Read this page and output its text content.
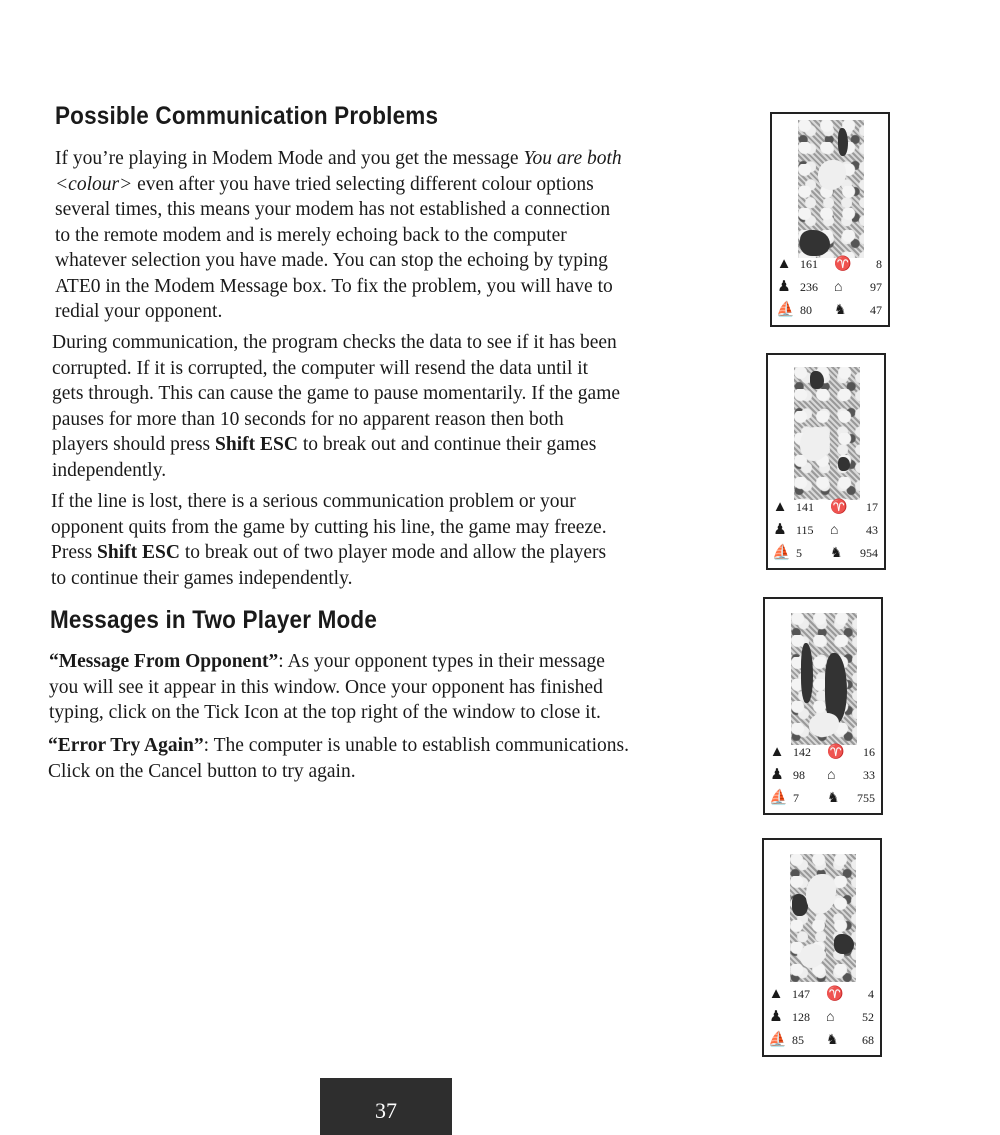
Possible Communication Problems

If you’re playing in Modem Mode and you get the message You are both
<colour> even after you have tried selecting different colour options
several times, this means your modem has not established a connection
to the remote modem and is merely echoing back to the computer
whatever selection you have made. You can stop the echoing by typing
ATE0 in the Modem Message box. To fix the problem, you will have to
redial your opponent.

During communication, the program checks the data to see if it has been
corrupted. If it is corrupted, the computer will resend the data until it
gets through. This can cause the game to pause momentarily. If the game
pauses for more than 10 seconds for no apparent reason then both
players should press Shift ESC to break out and continue their games
independently.

If the line is lost, there is a serious communication problem or your
opponent quits from the game by cutting his line, the game may freeze.
Press Shift ESC to break out of two player mode and allow the players
to continue their games independently.

Messages in Two Player Mode

“Message From Opponent”: As your opponent types in their message
you will see it appear in this window. Once your opponent has finished
typing, click on the Tick Icon at the top right of the window to close it.

“Error Try Again”: The computer is unable to establish communications.
Click on the Cancel button to try again.

▲ 161 ♈ 8
♟ 236 ⌂ 97
⛵ 80 ♞ 47
▲ 141 ♈ 17
♟ 115 ⌂ 43
⛵ 5 ♞ 954
▲ 142 ♈ 16
♟ 98 ⌂ 33
⛵ 7 ♞ 755
▲ 147 ♈ 4
♟ 128 ⌂ 52
⛵ 85 ♞ 68
37
